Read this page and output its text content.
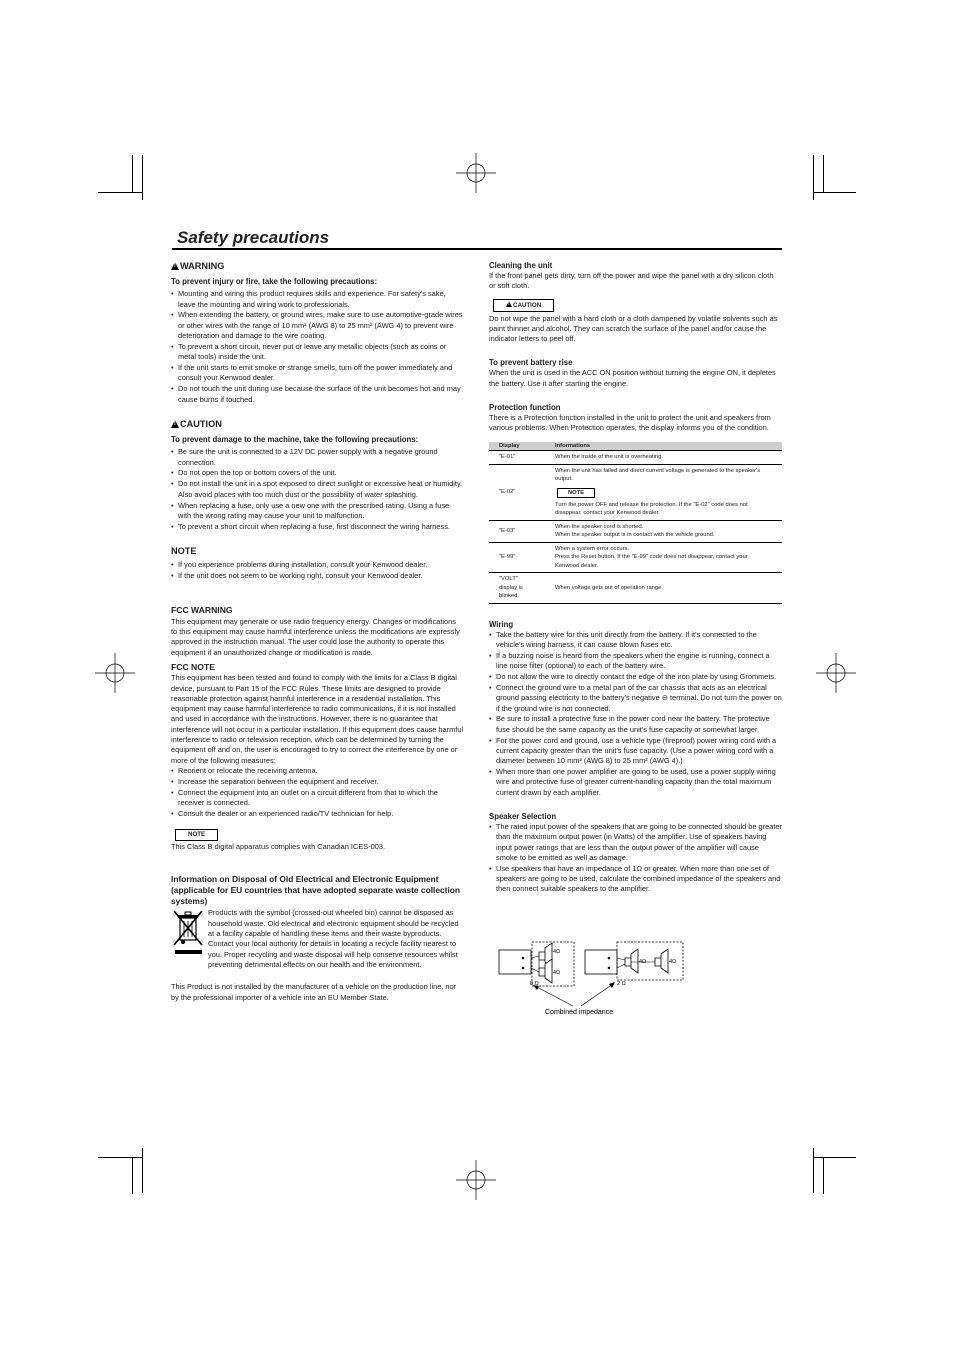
Safety precautions
!
WARNING
To prevent injury or fire, take the following precautions:
• Mounting and wiring this product requires skills and experience. For safety's sake, leave the mounting and wiring work to professionals.
• When extending the battery, or ground wires, make sure to use automotive-grade wires or other wires with the range of 10 mm² (AWG 8) to 25 mm² (AWG 4) to prevent wire deterioration and damage to the wire coating.
• To prevent a short circuit, never put or leave any metallic objects (such as coins or metal tools) inside the unit.
• If the unit starts to emit smoke or strange smells, turn off the power immediately and consult your Kenwood dealer.
• Do not touch the unit during use because the surface of the unit becomes hot and may cause burns if touched.
!
CAUTION
To prevent damage to the machine, take the following precautions:
• Be sure the unit is connected to a 12V DC power supply with a negative ground connection.
• Do not open the top or bottom covers of the unit.
• Do not install the unit in a spot exposed to direct sunlight or excessive heat or humidity. Also avoid places with too much dust or the possibility of water splashing.
• When replacing a fuse, only use a new one with the prescribed rating. Using a fuse with the wrong rating may cause your unit to malfunction.
• To prevent a short circuit when replacing a fuse, first disconnect the wiring harness.
NOTE
• If you experience problems during installation, consult your Kenwood dealer.
• If the unit does not seem to be working right, consult your Kenwood dealer.
FCC WARNING

This equipment may generate or use radio frequency energy. Changes or modifications to this equipment may cause harmful interference unless the modifications are expressly approved in the instruction manual. The user could lose the authority to operate this equipment if an unauthorized change or modification is made.

FCC NOTE

This equipment has been tested and found to comply with the limits for a Class B digital device, pursuant to Part 15 of the FCC Rules. These limits are designed to provide reasonable protection against harmful interference in a residential installation. This equipment may cause harmful interference to radio communications, if it is not installed and used in accordance with the instructions. However, there is no guarantee that interference will not occur in a particular installation. If this equipment does cause harmful interference to radio or television reception, which can be determined by turning the equipment off and on, the user is encouraged to try to correct the interference by one or more of the following measures:

• Reorient or relocate the receiving antenna.
• Increase the separation between the equipment and receiver.
• Connect the equipment into an outlet on a circuit different from that to which the receiver is connected.
• Consult the dealer or an experienced radio/TV technician for help.
NOTE

This Class B digital apparatus complies with Canadian ICES-003.

Information on Disposal of Old Electrical and Electronic Equipment (applicable for EU countries that have adopted separate waste collection systems)

Products with the symbol (crossed-out wheeled bin) cannot be disposed as household waste. Old electrical and electronic equipment should be recycled at a facility capable of handling these items and their waste byproducts. Contact your local authority for details in locating a recycle facility nearest to you. Proper recycling and waste disposal will help conserve resources whilst preventing detrimental effects on our health and the environment.

This Product is not installed by the manufacturer of a vehicle on the production line, nor by the professional importer of a vehicle into an EU Member State.

Cleaning the unit

If the front panel gets dirty, turn off the power and wipe the panel with a dry silicon cloth or soft cloth.

!CAUTION

Do not wipe the panel with a hard cloth or a cloth dampened by volatile solvents such as paint thinner and alcohol. They can scratch the surface of the panel and/or cause the indicator letters to peel off.

To prevent battery rise

When the unit is used in the ACC ON position without turning the engine ON, it depletes the battery. Use it after starting the engine.

Protection function

There is a Protection function installed in the unit to protect the unit and speakers from various problems. When Protection operates, the display informs you of the condition.

Display	Informations
"E-01"	When the inside of the unit is overheating.
"E-02"	When the unit has failed and direct current voltage is generated to the speaker's output.
NOTE
Turn the power OFF and release the protection. If the "E-02" code does not disappear, contact your Kenwood dealer.

"E-03"	When the speaker cord is shorted.
When the speaker output is in contact with the vehicle ground.

"E-99"	When a system error occurs.
Press the Reset button. If the "E-99" code does not disappear, contact your Kenwood dealer.

"VOLT" display is blinked.	When voltage gets out of operation range.
Wiring
• Take the battery wire for this unit directly from the battery. If it's connected to the vehicle's wiring harness, it can cause blown fuses etc.
• If a buzzing noise is heard from the speakers when the engine is running, connect a line noise filter (optional) to each of the battery wire.
• Do not allow the wire to directly contact the edge of the iron plate by using Grommets.
• Connect the ground wire to a metal part of the car chassis that acts as an electrical ground passing electricity to the battery's negative ⊖ terminal. Do not turn the power on if the ground wire is not connected.
• Be sure to install a protective fuse in the power cord near the battery. The protective fuse should be the same capacity as the unit's fuse capacity or somewhat larger.
• For the power cord and ground, use a vehicle type (fireproof) power wiring cord with a current capacity greater than the unit's fuse capacity. (Use a power wiring cord with a diameter between 10 mm² (AWG 8) to 25 mm² (AWG 4).)
• When more than one power amplifier are going to be used, use a power supply wiring wire and protective fuse of greater current-handling capacity than the total maximum current drawn by each amplifier.
Speaker Selection
• The rated input power of the speakers that are going to be connected should be greater than the maximum output power (in Watts) of the amplifier. Use of speakers having input power ratings that are less than the output power of the amplifier will cause smoke to be emitted as well as damage.
• Use speakers that have an impedance of 1Ω or greater. When more than one set of speakers are going to be used, calculate the combined impedance of the speakers and then connect suitable speakers to the amplifier.
4Ω
4Ω
8 Ω
4Ω	4Ω
2 Ω
Combined impedance
